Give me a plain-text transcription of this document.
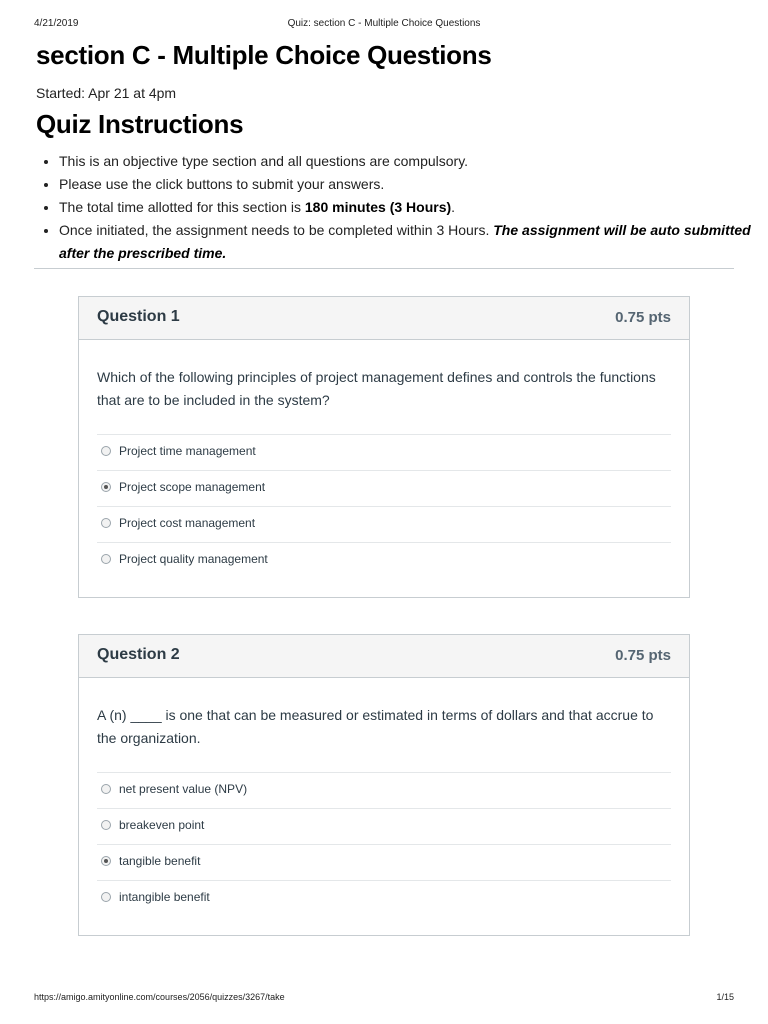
4/21/2019	Quiz: section C - Multiple Choice Questions
section C - Multiple Choice Questions
Started: Apr 21 at 4pm
Quiz Instructions
• This is an objective type section and all questions are compulsory.
• Please use the click buttons to submit your answers.
• The total time allotted for this section is 180 minutes (3 Hours).
• Once initiated, the assignment needs to be completed within 3 Hours. The assignment will be auto submitted after the prescribed time.
Question 1	0.75 pts
Which of the following principles of project management defines and controls the functions that are to be included in the system?
Project time management
Project scope management
Project cost management
Project quality management
Question 2	0.75 pts
A (n) ____ is one that can be measured or estimated in terms of dollars and that accrue to the organization.
net present value (NPV)
breakeven point
tangible benefit
intangible benefit
https://amigo.amityonline.com/courses/2056/quizzes/3267/take	1/15
